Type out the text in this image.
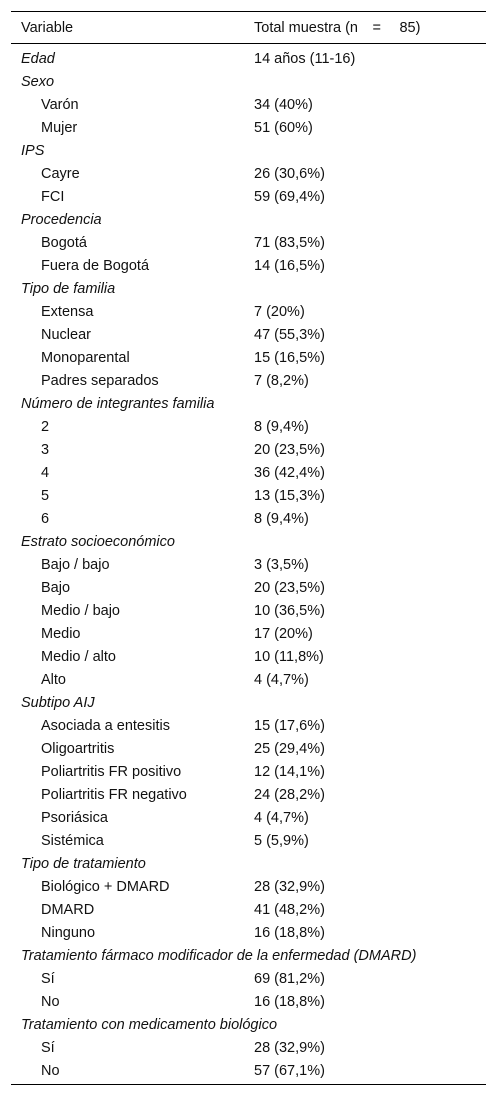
Variable	Total muestra (n  =   85)
Edad	14 años (11-16)
Sexo
Varón	34 (40%)
Mujer	51 (60%)
IPS
Cayre	26 (30,6%)
FCI	59 (69,4%)
Procedencia
Bogotá	71 (83,5%)
Fuera de Bogotá	14 (16,5%)
Tipo de familia
Extensa	7 (20%)
Nuclear	47 (55,3%)
Monoparental	15 (16,5%)
Padres separados	7 (8,2%)
Número de integrantes familia
2	8 (9,4%)
3	20 (23,5%)
4	36 (42,4%)
5	13 (15,3%)
6	8 (9,4%)
Estrato socioeconómico
Bajo / bajo	3 (3,5%)
Bajo	20 (23,5%)
Medio / bajo	10 (36,5%)
Medio	17 (20%)
Medio / alto	10 (11,8%)
Alto	4 (4,7%)
Subtipo AIJ
Asociada a entesitis	15 (17,6%)
Oligoartritis	25 (29,4%)
Poliartritis FR positivo	12 (14,1%)
Poliartritis FR negativo	24 (28,2%)
Psoriásica	4 (4,7%)
Sistémica	5 (5,9%)
Tipo de tratamiento
Biológico + DMARD	28 (32,9%)
DMARD	41 (48,2%)
Ninguno	16 (18,8%)
Tratamiento fármaco modificador de la enfermedad (DMARD)
Sí	69 (81,2%)
No	16 (18,8%)
Tratamiento con medicamento biológico
Sí	28 (32,9%)
No	57 (67,1%)
